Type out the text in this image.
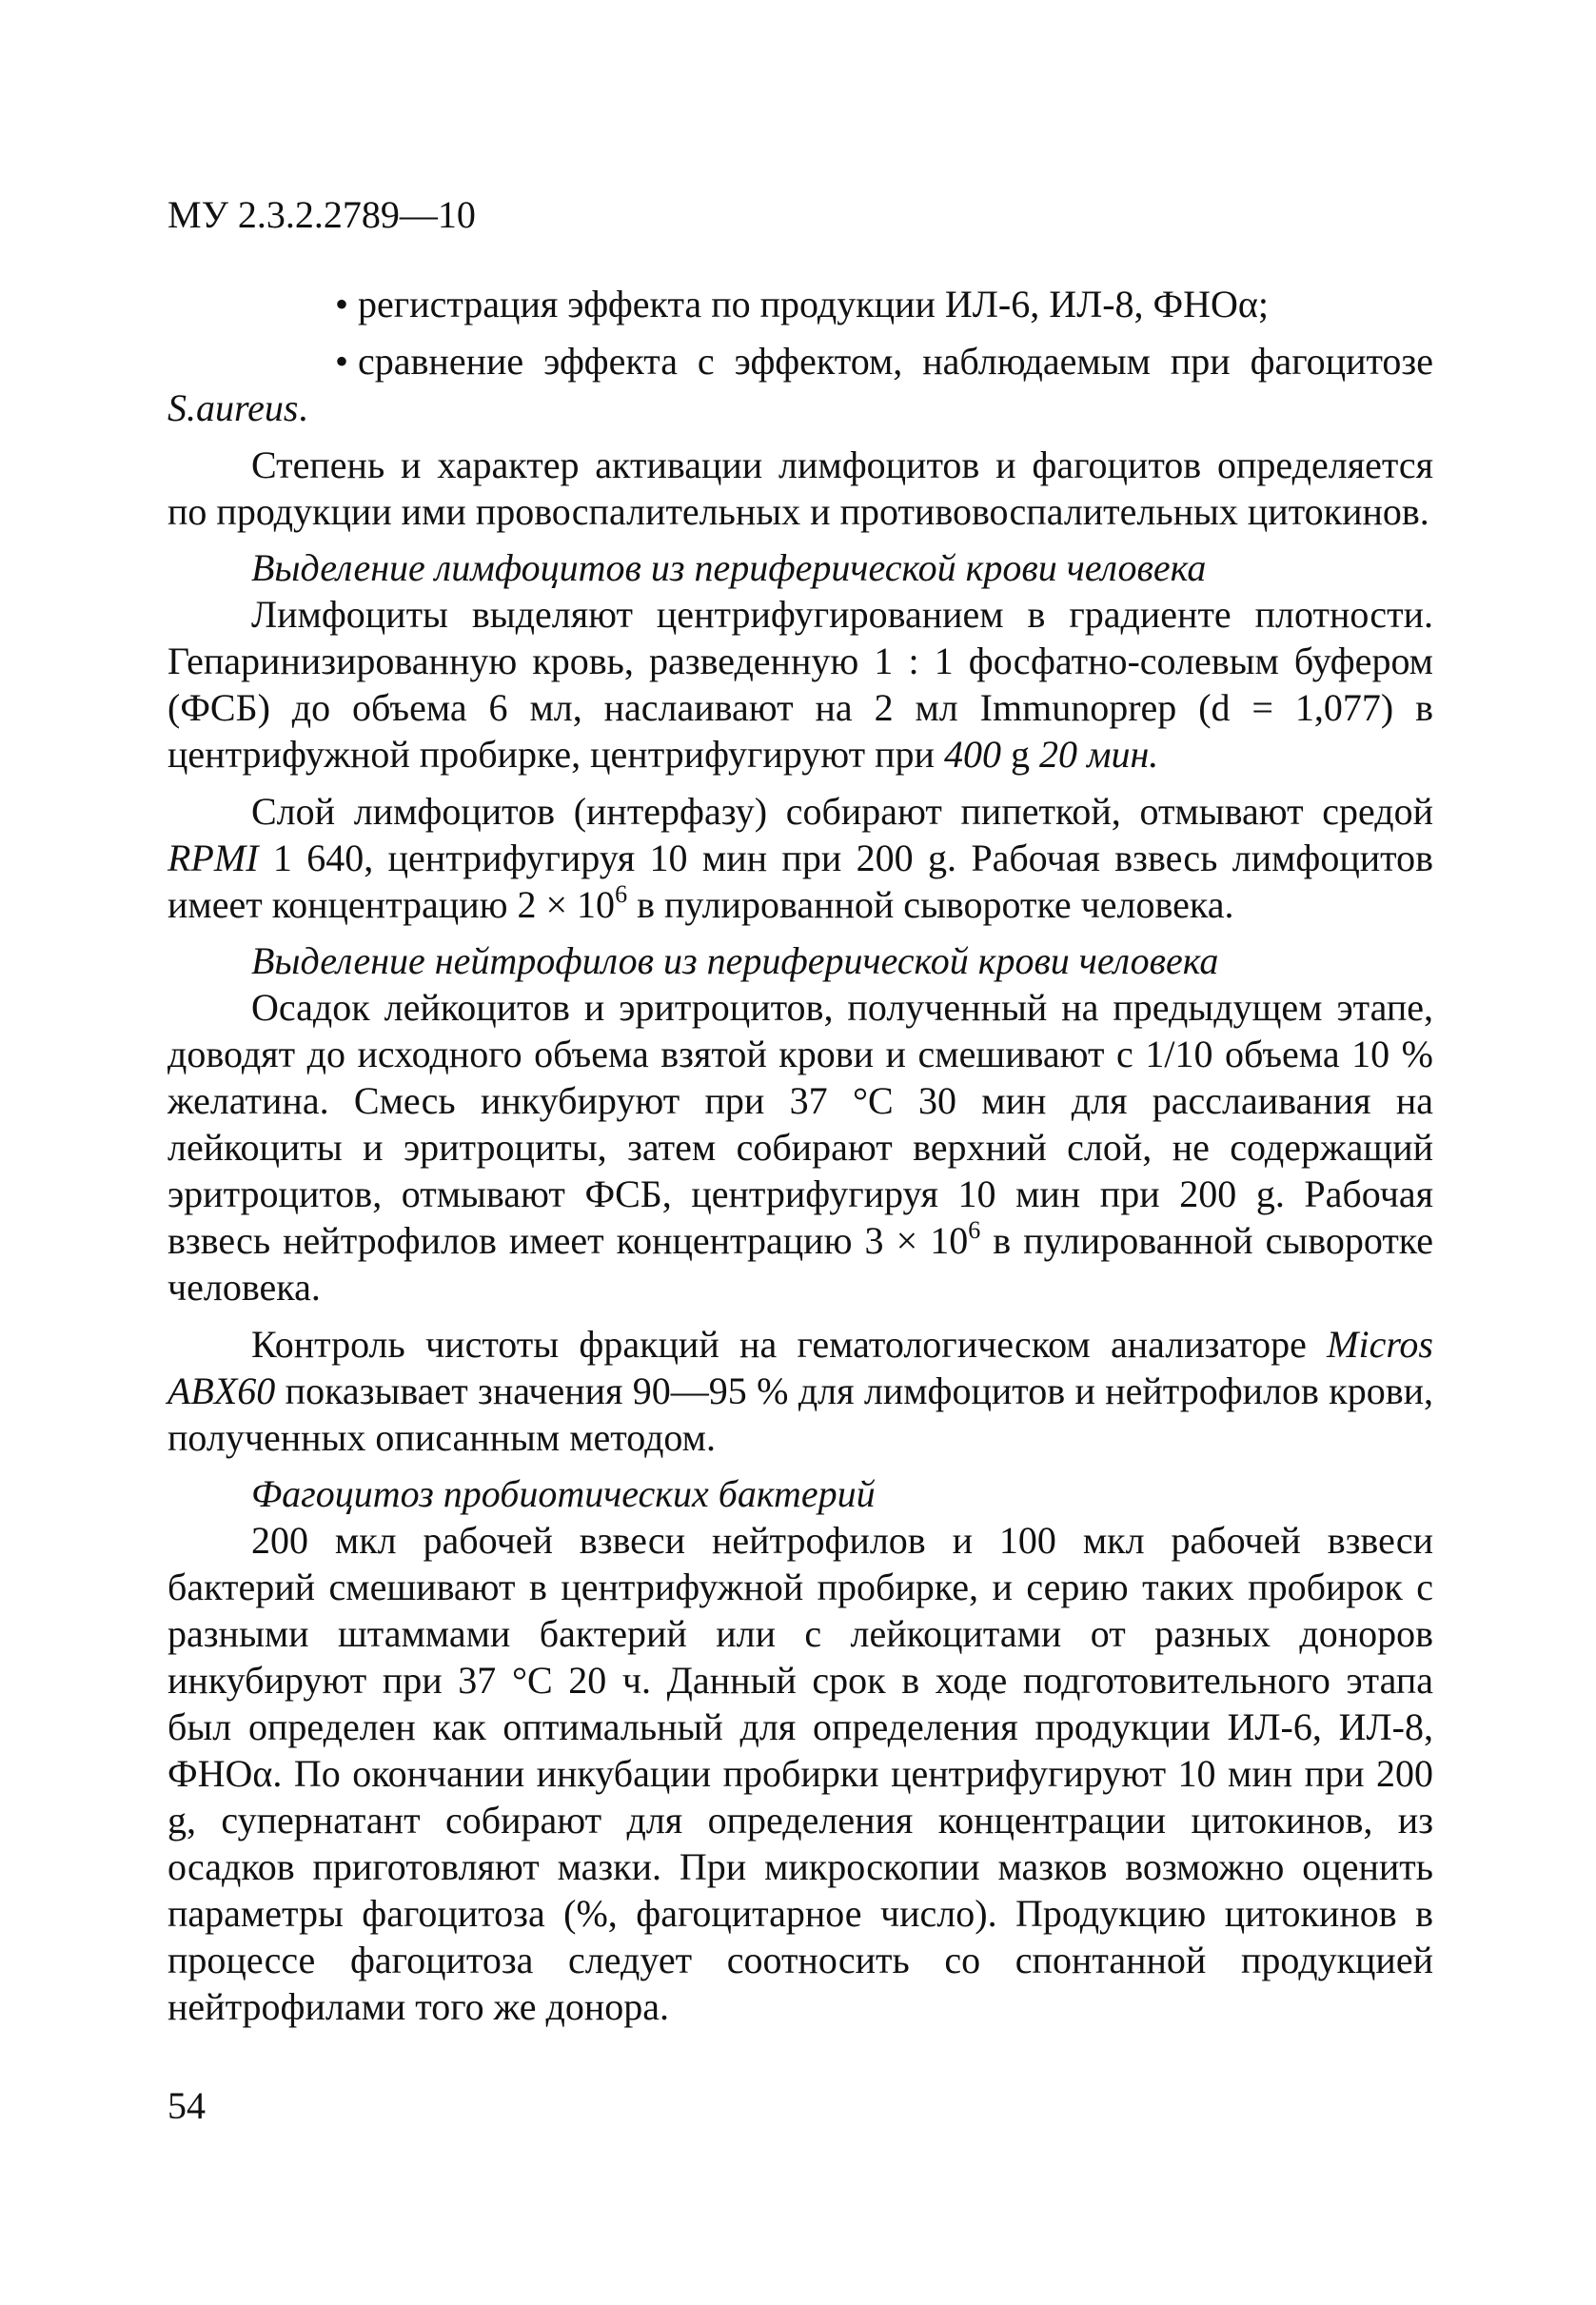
МУ 2.3.2.2789—10

• регистрация эффекта по продукции ИЛ-6, ИЛ-8, ФНОα;

• сравнение эффекта с эффектом, наблюдаемым при фагоцитозе S.aureus.

Степень и характер активации лимфоцитов и фагоцитов определяется по продукции ими провоспалительных и противовоспалительных цитокинов.

Выделение лимфоцитов из периферической крови человека

Лимфоциты выделяют центрифугированием в градиенте плотности. Гепаринизированную кровь, разведенную 1 : 1 фосфатно-солевым буфером (ФСБ) до объема 6 мл, наслаивают на 2 мл Immunoprep (d = 1,077) в центрифужной пробирке, центрифугируют при 400 g 20 мин.

Слой лимфоцитов (интерфазу) собирают пипеткой, отмывают средой RPMI 1 640, центрифугируя 10 мин при 200 g. Рабочая взвесь лимфоцитов имеет концентрацию $2 \times 10^6$ в пулированной сыворотке человека.

Выделение нейтрофилов из периферической крови человека

Осадок лейкоцитов и эритроцитов, полученный на предыдущем этапе, доводят до исходного объема взятой крови и смешивают с 1/10 объема 10 % желатина. Смесь инкубируют при 37 °С 30 мин для расслаивания на лейкоциты и эритроциты, затем собирают верхний слой, не содержащий эритроцитов, отмывают ФСБ, центрифугируя 10 мин при 200 g. Рабочая взвесь нейтрофилов имеет концентрацию $3 \times 10^6$ в пулированной сыворотке человека.

Контроль чистоты фракций на гематологическом анализаторе Micros ABX60 показывает значения 90—95 % для лимфоцитов и нейтрофилов крови, полученных описанным методом.

Фагоцитоз пробиотических бактерий

200 мкл рабочей взвеси нейтрофилов и 100 мкл рабочей взвеси бактерий смешивают в центрифужной пробирке, и серию таких пробирок с разными штаммами бактерий или с лейкоцитами от разных доноров инкубируют при 37 °С 20 ч. Данный срок в ходе подготовительного этапа был определен как оптимальный для определения продукции ИЛ-6, ИЛ-8, ФНОα. По окончании инкубации пробирки центрифугируют 10 мин при 200 g, супернатант собирают для определения концентрации цитокинов, из осадков приготовляют мазки. При микроскопии мазков возможно оценить параметры фагоцитоза (%, фагоцитарное число). Продукцию цитокинов в процессе фагоцитоза следует соотносить со спонтанной продукцией нейтрофилами того же донора.

54
